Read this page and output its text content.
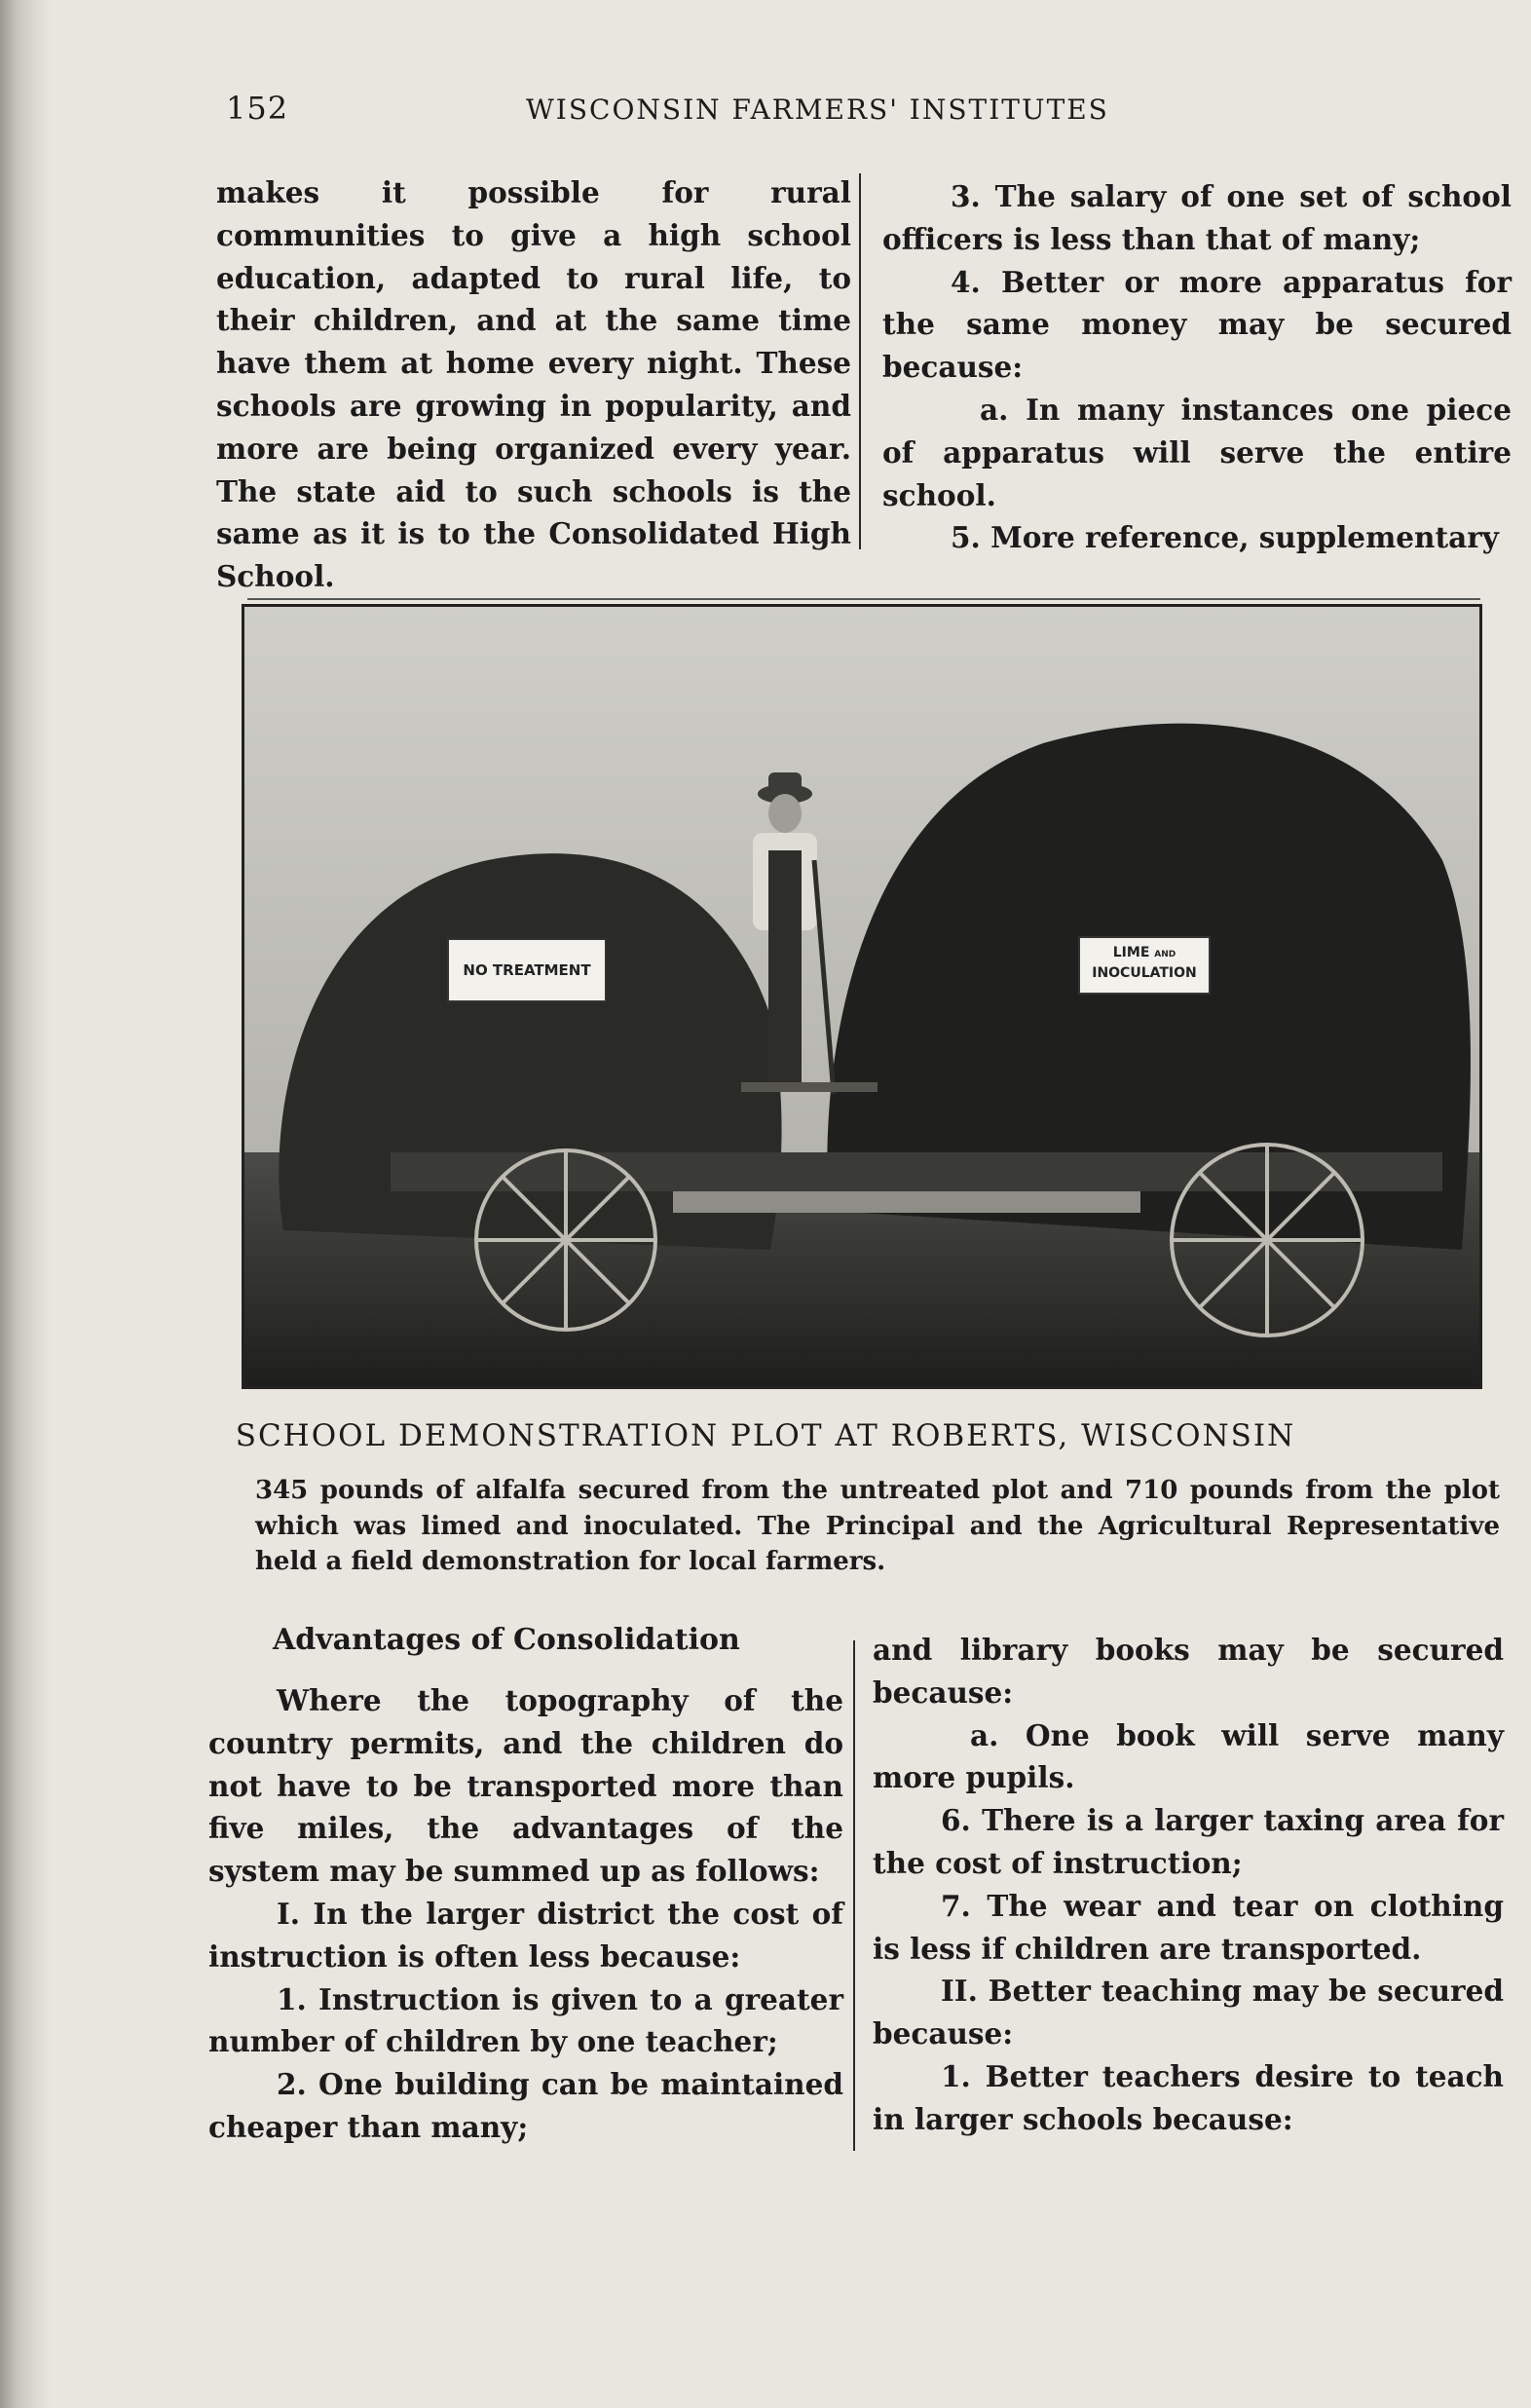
152	WISCONSIN FARMERS' INSTITUTES

makes it possible for rural communities to give a high school education, adapted to rural life, to their children, and at the same time have them at home every night. These schools are growing in popularity, and more are being organized every year. The state aid to such schools is the same as it is to the Consolidated High School.

3. The salary of one set of school officers is less than that of many;

4. Better or more apparatus for the same money may be secured because:

a. In many instances one piece of apparatus will serve the entire school.

5. More reference, supplementary

NO TREATMENT
LIME AND
INOCULATION
SCHOOL DEMONSTRATION PLOT AT ROBERTS, WISCONSIN
345 pounds of alfalfa secured from the untreated plot and 710 pounds from the plot which was limed and inoculated. The Principal and the Agricultural Representative held a field demonstration for local farmers.
Advantages of Consolidation

Where the topography of the country permits, and the children do not have to be transported more than five miles, the advantages of the system may be summed up as follows:

I. In the larger district the cost of instruction is often less because:

1. Instruction is given to a greater number of children by one teacher;

2. One building can be maintained cheaper than many;

and library books may be secured because:

a. One book will serve many more pupils.

6. There is a larger taxing area for the cost of instruction;

7. The wear and tear on clothing is less if children are transported.

II. Better teaching may be secured because:

1. Better teachers desire to teach in larger schools because:
